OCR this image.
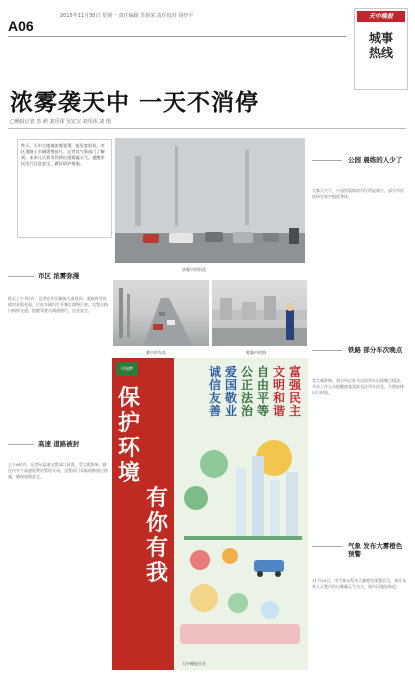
A06
2015年11月30日 星期一 责任编辑 苏新荣 责任校对 胡经平	天中晚报
城事
热线
浓雾袭天中 一天不消停
□晚报记者 苏 莉 刘乐伟 吴宏宝 刘乐伟 刘 图
昨天，天中大地被浓雾笼罩，能见度很低，市区道路上车辆缓慢前行。记者从气象部门了解到，未来几天我市仍将出现雾霾天气，提醒市民出行注意安全，做好防护措施。
浓雾中的街道
雾中的车流	雾霾中的路
市区 浓雾弥漫
昨天上午7时许，记者在市区解放大道看到，道路两旁的楼房若隐若现，过往车辆均打开雾灯缓慢行驶。交警在路口指挥交通，提醒驾驶员减速慢行，注意安全。
高速 道路被封
上午8时许，记者从高速交警部门获悉，受大雾影响，辖区内多个高速收费站暂时关闭，交警部门采取间断放行措施，确保道路安全。
公园 晨练的人少了
大雾天气下，公园里晨练的市民明显减少，部分市民选择在家中锻炼身体。
铁路 部分车次晚点
受大雾影响，部分经过驻马店的列车出现晚点情况，车站工作人员提醒旅客及时关注列车信息，合理安排出行时间。
气象 发布大雾橙色预警
11月29日，市气象台发布大雾橙色预警信号，预计未来几天我市仍以雾霾天气为主，请市民做好防范。
中国梦
保
护
环
境
有
你
有
我
富强民主
文明和谐
自由平等
公正法治
爱国敬业
诚信友善
天中晚报社宣
